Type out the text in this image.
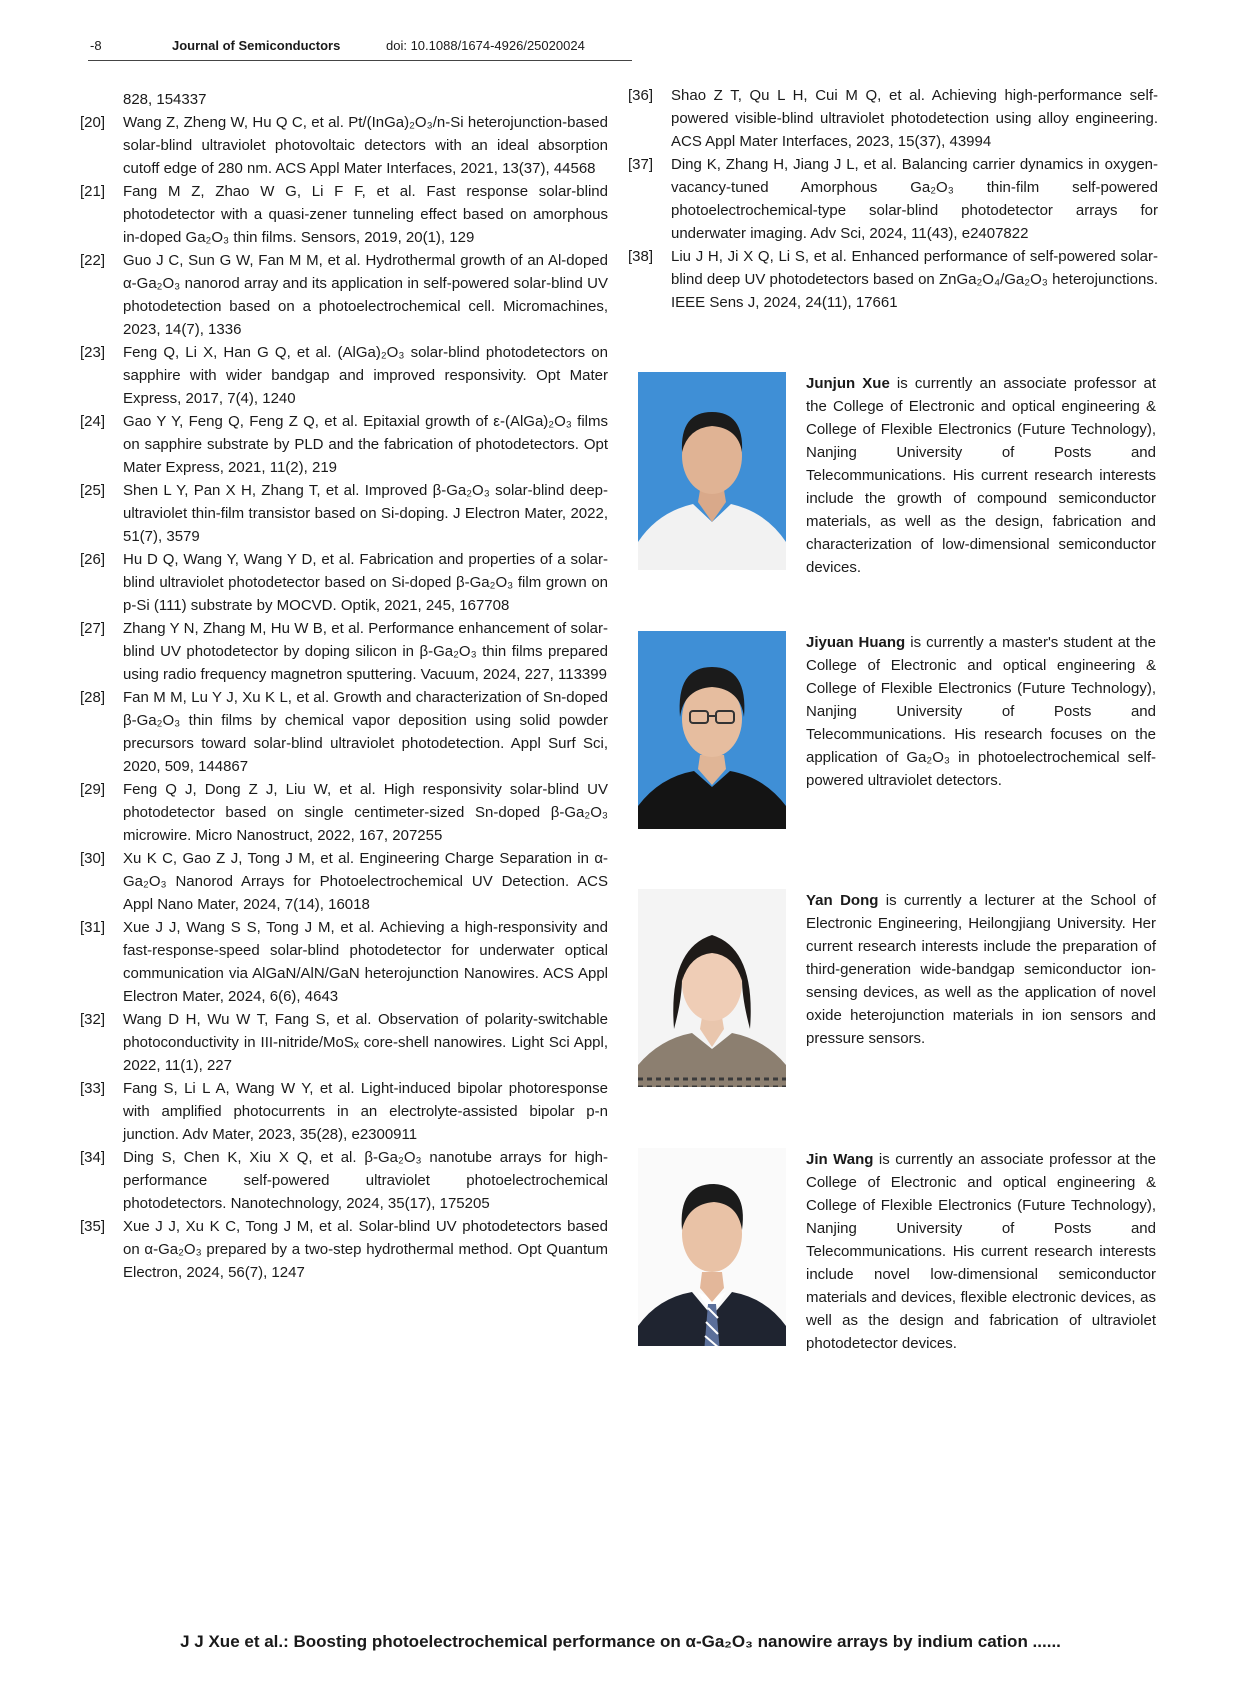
-8	Journal of Semiconductors	doi: 10.1088/1674-4926/25020024
828, 154337
[20] Wang Z, Zheng W, Hu Q C, et al. Pt/(InGa)₂O₃/n-Si heterojunction-based solar-blind ultraviolet photovoltaic detectors with an ideal absorption cutoff edge of 280 nm. ACS Appl Mater Interfaces, 2021, 13(37), 44568
[21] Fang M Z, Zhao W G, Li F F, et al. Fast response solar-blind photodetector with a quasi-zener tunneling effect based on amorphous in-doped Ga₂O₃ thin films. Sensors, 2019, 20(1), 129
[22] Guo J C, Sun G W, Fan M M, et al. Hydrothermal growth of an Al-doped α-Ga₂O₃ nanorod array and its application in self-powered solar-blind UV photodetection based on a photoelectrochemical cell. Micromachines, 2023, 14(7), 1336
[23] Feng Q, Li X, Han G Q, et al. (AlGa)₂O₃ solar-blind photodetectors on sapphire with wider bandgap and improved responsivity. Opt Mater Express, 2017, 7(4), 1240
[24] Gao Y Y, Feng Q, Feng Z Q, et al. Epitaxial growth of ε-(AlGa)₂O₃ films on sapphire substrate by PLD and the fabrication of photodetectors. Opt Mater Express, 2021, 11(2), 219
[25] Shen L Y, Pan X H, Zhang T, et al. Improved β-Ga₂O₃ solar-blind deep-ultraviolet thin-film transistor based on Si-doping. J Electron Mater, 2022, 51(7), 3579
[26] Hu D Q, Wang Y, Wang Y D, et al. Fabrication and properties of a solar-blind ultraviolet photodetector based on Si-doped β-Ga₂O₃ film grown on p-Si (111) substrate by MOCVD. Optik, 2021, 245, 167708
[27] Zhang Y N, Zhang M, Hu W B, et al. Performance enhancement of solar-blind UV photodetector by doping silicon in β-Ga₂O₃ thin films prepared using radio frequency magnetron sputtering. Vacuum, 2024, 227, 113399
[28] Fan M M, Lu Y J, Xu K L, et al. Growth and characterization of Sn-doped β-Ga₂O₃ thin films by chemical vapor deposition using solid powder precursors toward solar-blind ultraviolet photodetection. Appl Surf Sci, 2020, 509, 144867
[29] Feng Q J, Dong Z J, Liu W, et al. High responsivity solar-blind UV photodetector based on single centimeter-sized Sn-doped β-Ga₂O₃ microwire. Micro Nanostruct, 2022, 167, 207255
[30] Xu K C, Gao Z J, Tong J M, et al. Engineering Charge Separation in α-Ga₂O₃ Nanorod Arrays for Photoelectrochemical UV Detection. ACS Appl Nano Mater, 2024, 7(14), 16018
[31] Xue J J, Wang S S, Tong J M, et al. Achieving a high-responsivity and fast-response-speed solar-blind photodetector for underwater optical communication via AlGaN/AlN/GaN heterojunction Nanowires. ACS Appl Electron Mater, 2024, 6(6), 4643
[32] Wang D H, Wu W T, Fang S, et al. Observation of polarity-switchable photoconductivity in III-nitride/MoSₓ core-shell nanowires. Light Sci Appl, 2022, 11(1), 227
[33] Fang S, Li L A, Wang W Y, et al. Light-induced bipolar photoresponse with amplified photocurrents in an electrolyte-assisted bipolar p-n junction. Adv Mater, 2023, 35(28), e2300911
[34] Ding S, Chen K, Xiu X Q, et al. β-Ga₂O₃ nanotube arrays for high-performance self-powered ultraviolet photoelectrochemical photodetectors. Nanotechnology, 2024, 35(17), 175205
[35] Xue J J, Xu K C, Tong J M, et al. Solar-blind UV photodetectors based on α-Ga₂O₃ prepared by a two-step hydrothermal method. Opt Quantum Electron, 2024, 56(7), 1247
[36] Shao Z T, Qu L H, Cui M Q, et al. Achieving high-performance self-powered visible-blind ultraviolet photodetection using alloy engineering. ACS Appl Mater Interfaces, 2023, 15(37), 43994
[37] Ding K, Zhang H, Jiang J L, et al. Balancing carrier dynamics in oxygen-vacancy-tuned Amorphous Ga₂O₃ thin-film self-powered photoelectrochemical-type solar-blind photodetector arrays for underwater imaging. Adv Sci, 2024, 11(43), e2407822
[38] Liu J H, Ji X Q, Li S, et al. Enhanced performance of self-powered solar-blind deep UV photodetectors based on ZnGa₂O₄/Ga₂O₃ heterojunctions. IEEE Sens J, 2024, 24(11), 17661
Junjun Xue is currently an associate professor at the College of Electronic and optical engineering & College of Flexible Electronics (Future Technology), Nanjing University of Posts and Telecommunications. His current research interests include the growth of compound semiconductor materials, as well as the design, fabrication and characterization of low-dimensional semiconductor devices.
Jiyuan Huang is currently a master's student at the College of Electronic and optical engineering & College of Flexible Electronics (Future Technology), Nanjing University of Posts and Telecommunications. His research focuses on the application of Ga₂O₃ in photoelectrochemical self-powered ultraviolet detectors.
Yan Dong is currently a lecturer at the School of Electronic Engineering, Heilongjiang University. Her current research interests include the preparation of third-generation wide-bandgap semiconductor ion-sensing devices, as well as the application of novel oxide heterojunction materials in ion sensors and pressure sensors.
Jin Wang is currently an associate professor at the College of Electronic and optical engineering & College of Flexible Electronics (Future Technology), Nanjing University of Posts and Telecommunications. His current research interests include novel low-dimensional semiconductor materials and devices, flexible electronic devices, as well as the design and fabrication of ultraviolet photodetector devices.
J J Xue et al.: Boosting photoelectrochemical performance on α-Ga₂O₃ nanowire arrays by indium cation ......
